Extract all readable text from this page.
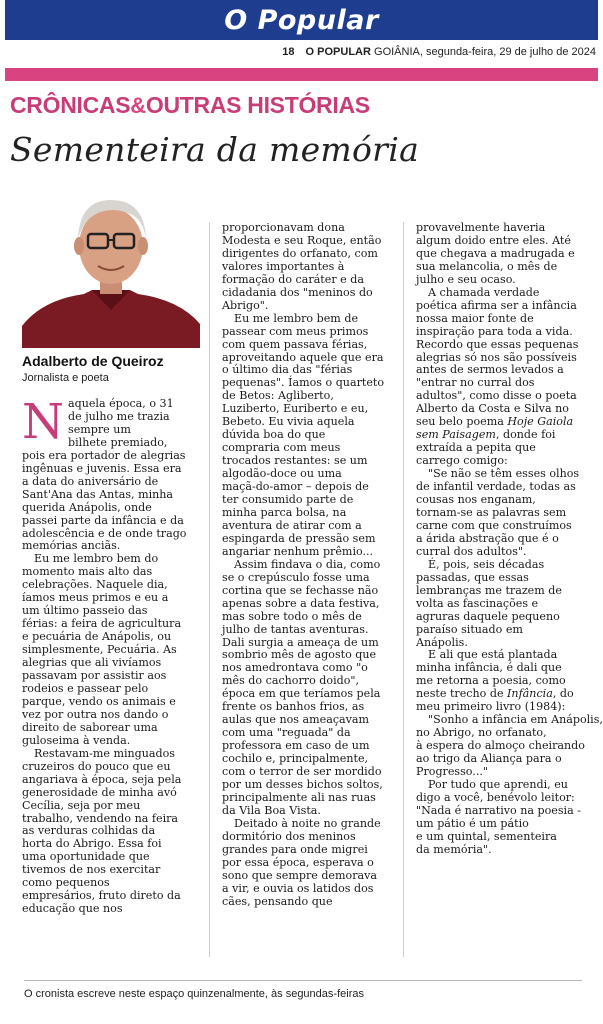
O Popular
18 O POPULAR GOIÂNIA, segunda-feira, 29 de julho de 2024
CRÔNICAS&OUTRAS HISTÓRIAS
Sementeira da memória
Adalberto de Queiroz
Jornalista e poeta
N aquela época, o 31
de julho me trazia
sempre um
bilhete premiado,
pois era portador de alegrias
ingênuas e juvenis. Essa era
a data do aniversário de
Sant'Ana das Antas, minha
querida Anápolis, onde
passei parte da infância e da
adolescência e de onde trago
memórias anciãs.
Eu me lembro bem do
momento mais alto das
celebrações. Naquele dia,
íamos meus primos e eu a
um último passeio das
férias: a feira de agricultura
e pecuária de Anápolis, ou
simplesmente, Pecuária. As
alegrias que ali vivíamos
passavam por assistir aos
rodeios e passear pelo
parque, vendo os animais e
vez por outra nos dando o
direito de saborear uma
guloseima à venda.
Restavam-me minguados
cruzeiros do pouco que eu
angariava à época, seja pela
generosidade de minha avó
Cecília, seja por meu
trabalho, vendendo na feira
as verduras colhidas da
horta do Abrigo. Essa foi
uma oportunidade que
tivemos de nos exercitar
como pequenos
empresários, fruto direto da
educação que nos
proporcionavam dona
Modesta e seu Roque, então
dirigentes do orfanato, com
valores importantes à
formação do caráter e da
cidadania dos "meninos do
Abrigo".
Eu me lembro bem de
passear com meus primos
com quem passava férias,
aproveitando aquele que era
o último dia das "férias
pequenas". Íamos o quarteto
de Betos: Agliberto,
Luziberto, Euriberto e eu,
Bebeto. Eu vivia aquela
dúvida boa do que
compraria com meus
trocados restantes: se um
algodão-doce ou uma
maçã-do-amor – depois de
ter consumido parte de
minha parca bolsa, na
aventura de atirar com a
espingarda de pressão sem
angariar nenhum prêmio...
Assim findava o dia, como
se o crepúsculo fosse uma
cortina que se fechasse não
apenas sobre a data festiva,
mas sobre todo o mês de
julho de tantas aventuras.
Dali surgia a ameaça de um
sombrio mês de agosto que
nos amedrontava como "o
mês do cachorro doido",
época em que teríamos pela
frente os banhos frios, as
aulas que nos ameaçavam
com uma "reguada" da
professora em caso de um
cochilo e, principalmente,
com o terror de ser mordido
por um desses bichos soltos,
principalmente ali nas ruas
da Vila Boa Vista.
Deitado à noite no grande
dormitório dos meninos
grandes para onde migrei
por essa época, esperava o
sono que sempre demorava
a vir, e ouvia os latidos dos
cães, pensando que
provavelmente haveria
algum doido entre eles. Até
que chegava a madrugada e
sua melancolia, o mês de
julho e seu ocaso.
A chamada verdade
poética afirma ser a infância
nossa maior fonte de
inspiração para toda a vida.
Recordo que essas pequenas
alegrias só nos são possíveis
antes de sermos levados a
"entrar no curral dos
adultos", como disse o poeta
Alberto da Costa e Silva no
seu belo poema Hoje Gaiola
sem Paisagem, donde foi
extraída a pepita que
carrego comigo:
"Se não se têm esses olhos
de infantil verdade, todas as
cousas nos enganam,
tornam-se as palavras sem
carne com que construímos
a árida abstração que é o
curral dos adultos".
É, pois, seis décadas
passadas, que essas
lembranças me trazem de
volta as fascinações e
agruras daquele pequeno
paraíso situado em
Anápolis.
E ali que está plantada
minha infância, é dali que
me retorna a poesia, como
neste trecho de Infância, do
meu primeiro livro (1984):
"Sonho a infância em Anápolis,
no Abrigo, no orfanato,
à espera do almoço cheirando
ao trigo da Aliança para o
Progresso..."
Por tudo que aprendi, eu
digo a você, benévolo leitor:
"Nada é narrativo na poesia -
um pátio é um pátio
e um quintal, sementeira
da memória".
O cronista escreve neste espaço quinzenalmente, às segundas-feiras
